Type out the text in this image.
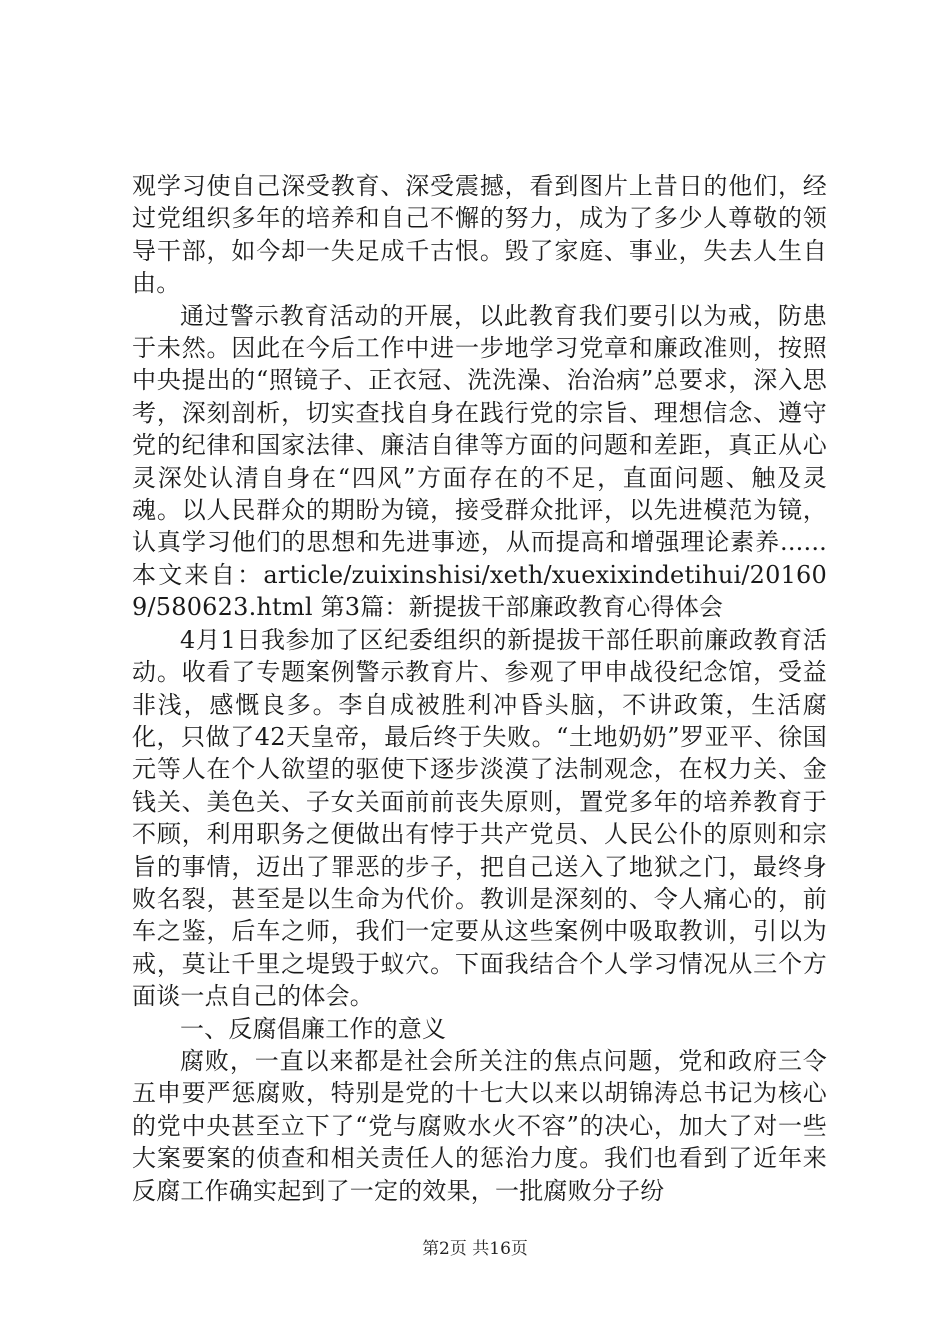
观学习使自己深受教育、深受震撼，看到图片上昔日的他们，经过党组织多年的培养和自己不懈的努力，成为了多少人尊敬的领导干部，如今却一失足成千古恨。毁了家庭、事业，失去人生自由。

通过警示教育活动的开展，以此教育我们要引以为戒，防患于未然。因此在今后工作中进一步地学习党章和廉政准则，按照中央提出的“照镜子、正衣冠、洗洗澡、治治病”总要求，深入思考，深刻剖析，切实查找自身在践行党的宗旨、理想信念、遵守党的纪律和国家法律、廉洁自律等方面的问题和差距，真正从心灵深处认清自身在“四风”方面存在的不足，直面问题、触及灵魂。以人民群众的期盼为镜，接受群众批评，以先进模范为镜，认真学习他们的思想和先进事迹，从而提高和增强理论素养...... 本文来自：article/zuixinshisi/xeth/xuexixindetihui/201609/580623.html 第3篇：新提拔干部廉政教育心得体会

4月1日我参加了区纪委组织的新提拔干部任职前廉政教育活动。收看了专题案例警示教育片、参观了甲申战役纪念馆，受益非浅，感慨良多。李自成被胜利冲昏头脑，不讲政策，生活腐化，只做了42天皇帝，最后终于失败。“土地奶奶”罗亚平、徐国元等人在个人欲望的驱使下逐步淡漠了法制观念，在权力关、金钱关、美色关、子女关面前前丧失原则，置党多年的培养教育于不顾，利用职务之便做出有悖于共产党员、人民公仆的原则和宗旨的事情，迈出了罪恶的步子，把自己送入了地狱之门，最终身败名裂，甚至是以生命为代价。教训是深刻的、令人痛心的，前车之鉴，后车之师，我们一定要从这些案例中吸取教训，引以为戒，莫让千里之堤毁于蚁穴。下面我结合个人学习情况从三个方面谈一点自己的体会。

一、反腐倡廉工作的意义

腐败，一直以来都是社会所关注的焦点问题，党和政府三令五申要严惩腐败，特别是党的十七大以来以胡锦涛总书记为核心的党中央甚至立下了“党与腐败水火不容”的决心，加大了对一些大案要案的侦查和相关责任人的惩治力度。我们也看到了近年来反腐工作确实起到了一定的效果，一批腐败分子纷

第2页 共16页
